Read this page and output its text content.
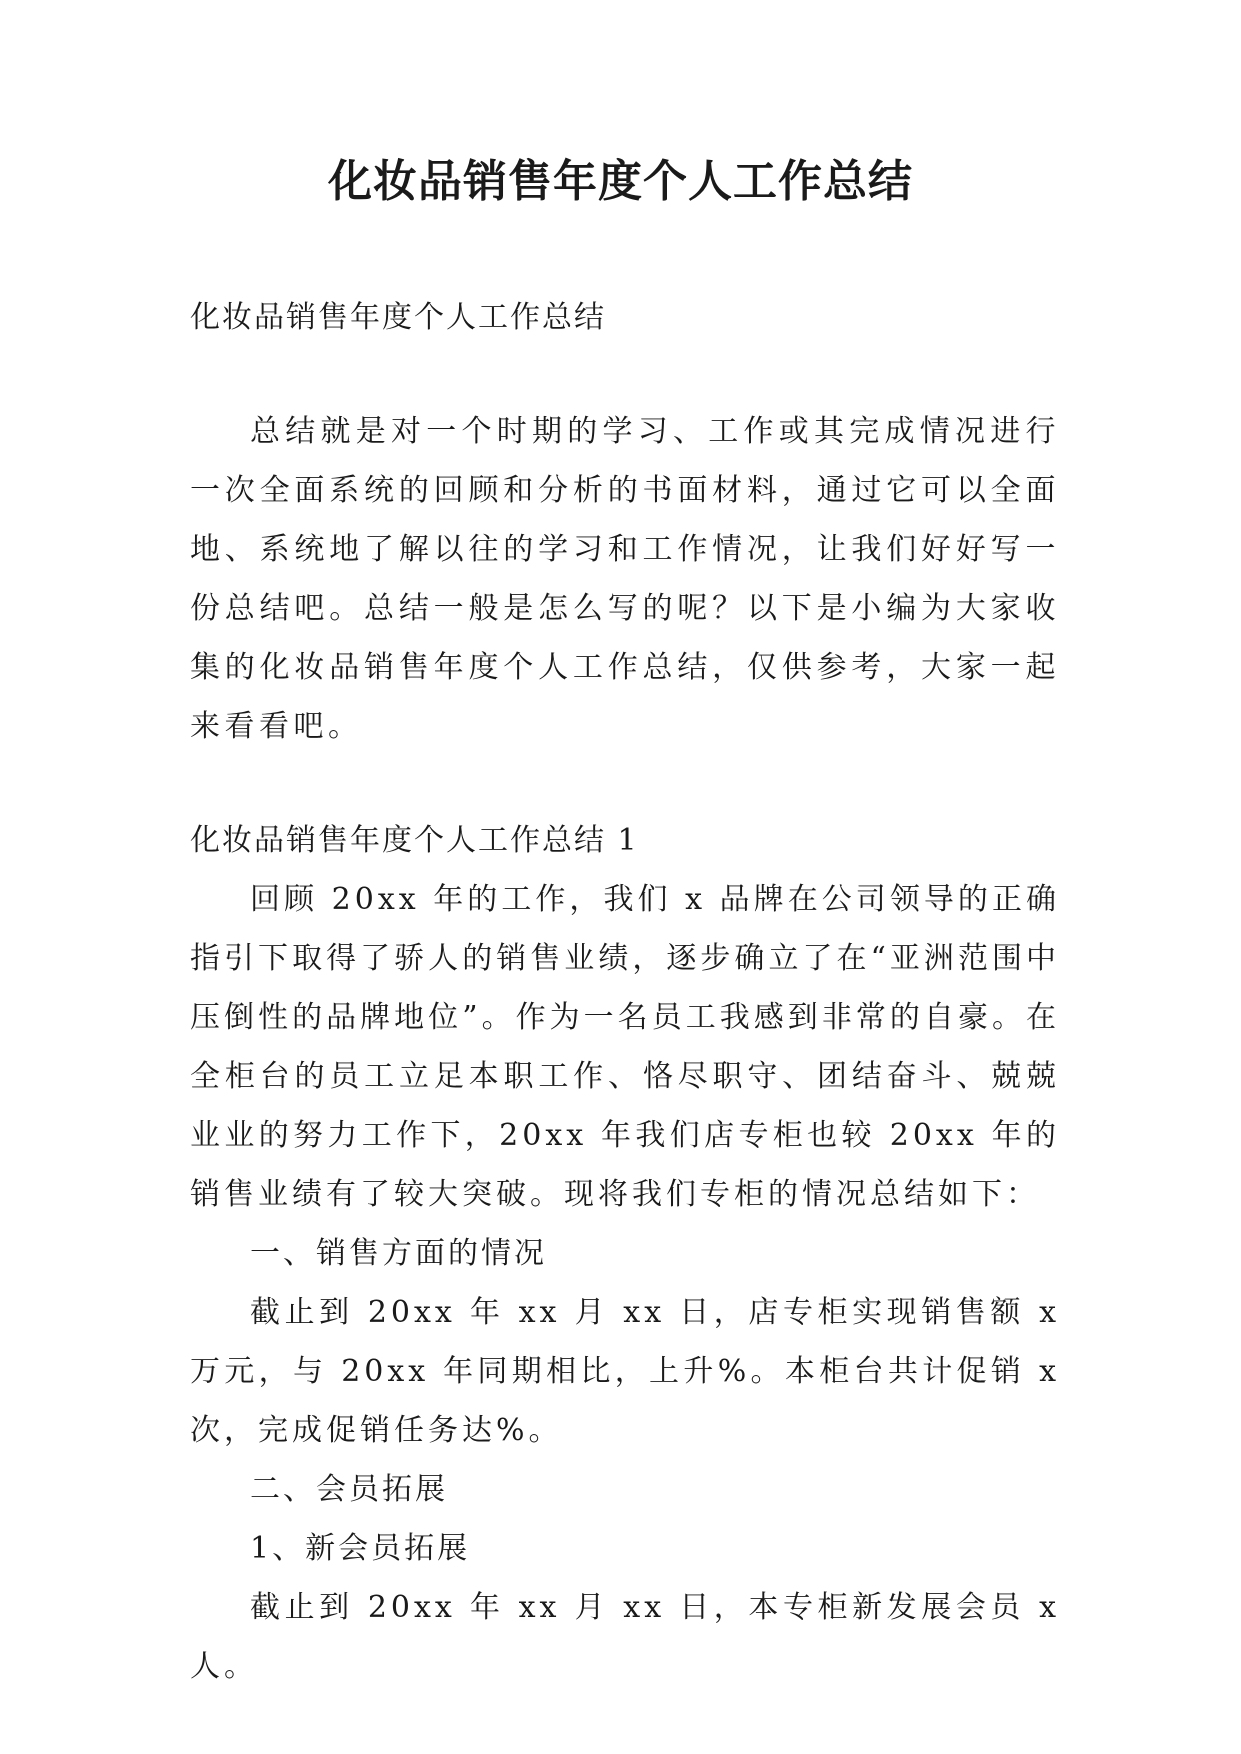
化妆品销售年度个人工作总结

化妆品销售年度个人工作总结

总结就是对一个时期的学习、工作或其完成情况进行一次全面系统的回顾和分析的书面材料，通过它可以全面地、系统地了解以往的学习和工作情况，让我们好好写一份总结吧。总结一般是怎么写的呢？以下是小编为大家收集的化妆品销售年度个人工作总结，仅供参考，大家一起来看看吧。

化妆品销售年度个人工作总结 1

回顾 20xx 年的工作，我们 x 品牌在公司领导的正确指引下取得了骄人的销售业绩，逐步确立了在“亚洲范围中压倒性的品牌地位”。作为一名员工我感到非常的自豪。在全柜台的员工立足本职工作、恪尽职守、团结奋斗、兢兢业业的努力工作下，20xx 年我们店专柜也较 20xx 年的销售业绩有了较大突破。现将我们专柜的情况总结如下：

一、销售方面的情况

截止到 20xx 年 xx 月 xx 日，店专柜实现销售额 x 万元，与 20xx 年同期相比，上升%。本柜台共计促销 x 次，完成促销任务达%。

二、会员拓展

1、新会员拓展

截止到 20xx 年 xx 月 xx 日，本专柜新发展会员 x 人。
